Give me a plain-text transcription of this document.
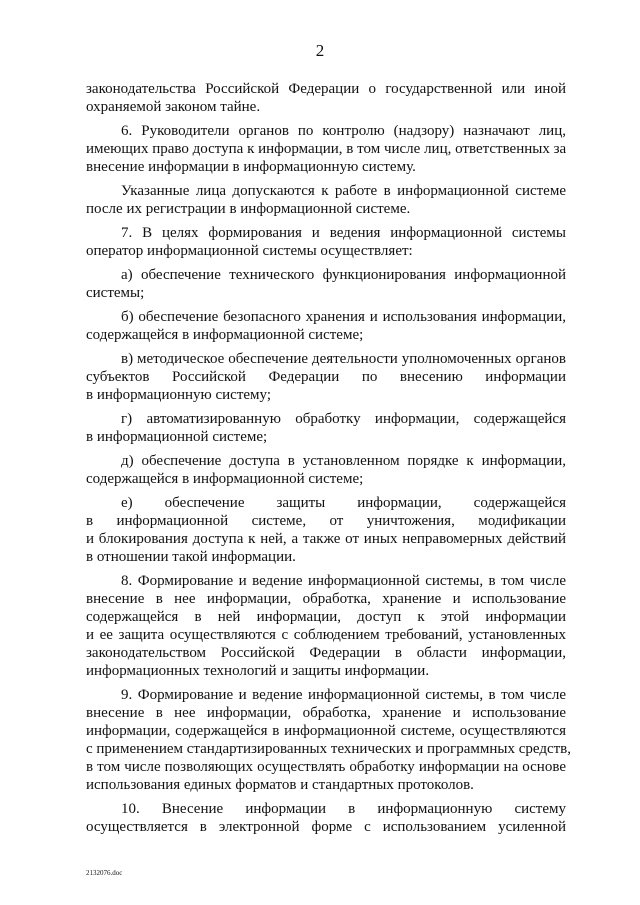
2
законодательства Российской Федерации о государственной или иной
охраняемой законом тайне.
6. Руководители органов по контролю (надзору) назначают лиц,
имеющих право доступа к информации, в том числе лиц, ответственных за
внесение информации в информационную систему.
Указанные лица допускаются к работе в информационной системе
после их регистрации в информационной системе.
7. В целях формирования и ведения информационной системы
оператор информационной системы осуществляет:
а) обеспечение технического функционирования информационной
системы;
б) обеспечение безопасного хранения и использования информации,
содержащейся в информационной системе;
в) методическое обеспечение деятельности уполномоченных органов
субъектов Российской Федерации по внесению информации
в информационную систему;
г) автоматизированную обработку информации, содержащейся
в информационной системе;
д) обеспечение доступа в установленном порядке к информации,
содержащейся в информационной системе;
е) обеспечение защиты информации, содержащейся
в информационной системе, от уничтожения, модификации
и блокирования доступа к ней, а также от иных неправомерных действий
в отношении такой информации.
8. Формирование и ведение информационной системы, в том числе
внесение в нее информации, обработка, хранение и использование
содержащейся в ней информации, доступ к этой информации
и ее защита осуществляются с соблюдением требований, установленных
законодательством Российской Федерации в области информации,
информационных технологий и защиты информации.
9. Формирование и ведение информационной системы, в том числе
внесение в нее информации, обработка, хранение и использование
информации, содержащейся в информационной системе, осуществляются
с применением стандартизированных технических и программных средств,
в том числе позволяющих осуществлять обработку информации на основе
использования единых форматов и стандартных протоколов.
10. Внесение информации в информационную систему
осуществляется в электронной форме с использованием усиленной
2132076.doc
